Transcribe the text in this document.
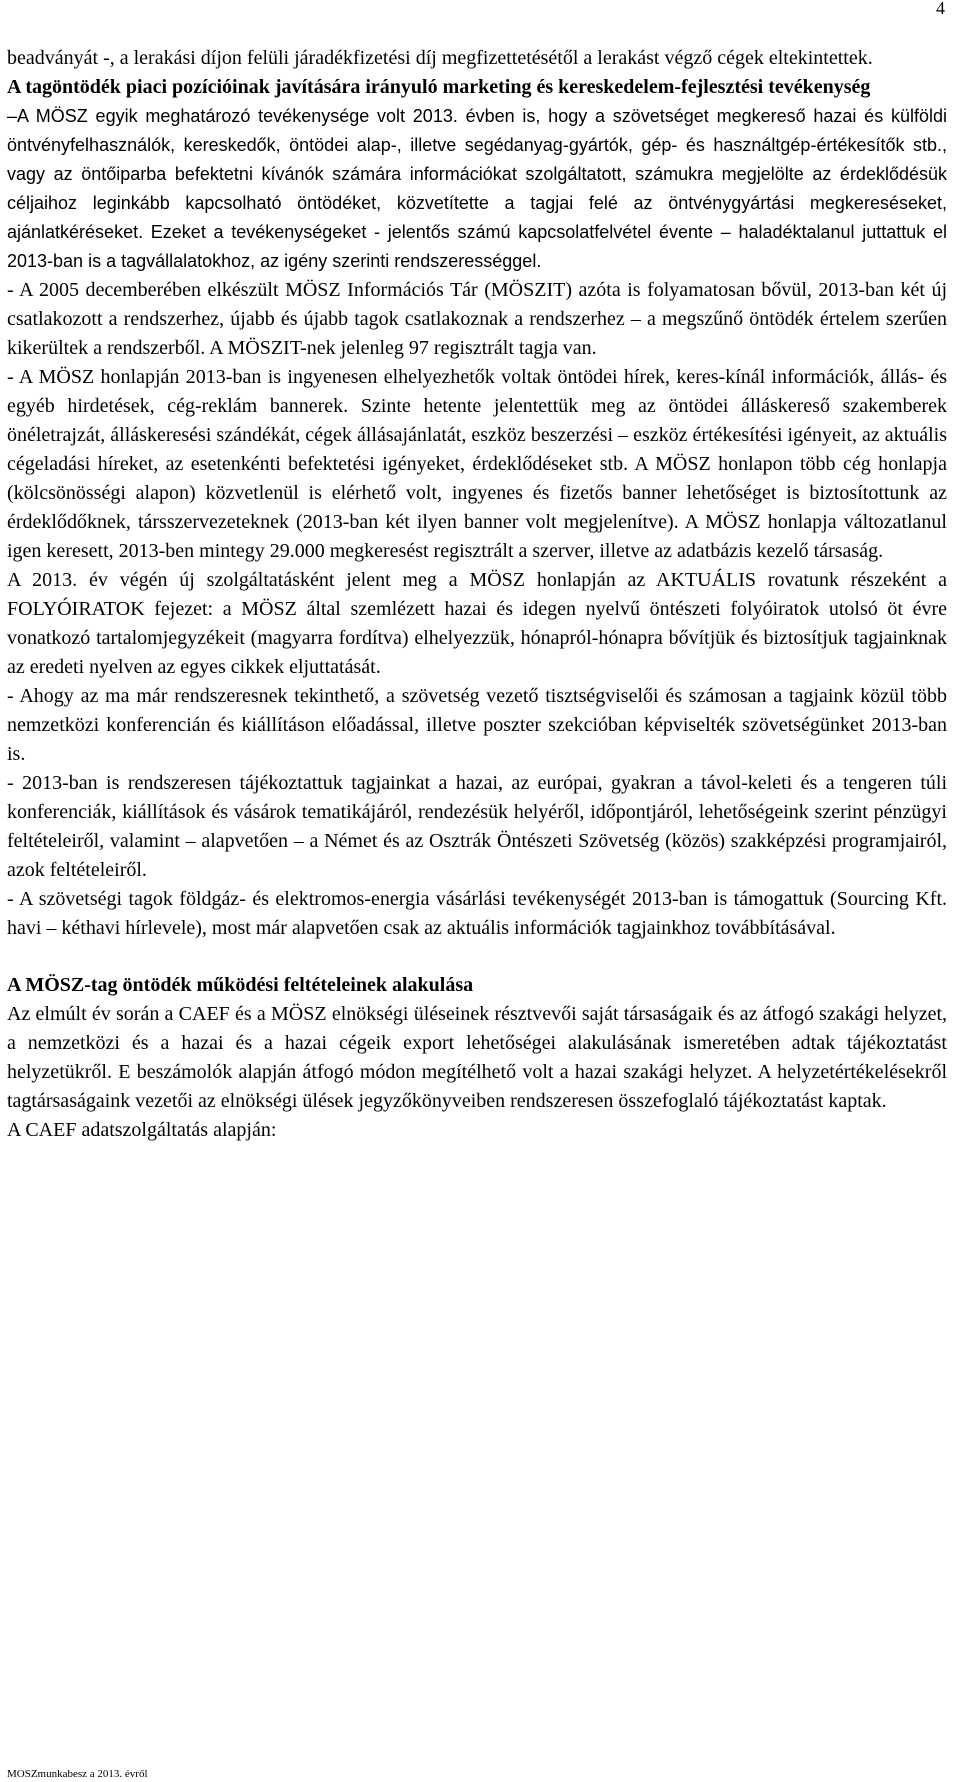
4

beadványát -, a lerakási díjon felüli járadékfizetési díj megfizettetésétől a lerakást végző cégek eltekintettek.

A tagöntödék piaci pozícióinak javítására irányuló marketing és kereskedelem-fejlesztési tevékenység

–A MÖSZ egyik meghatározó tevékenysége volt 2013. évben is, hogy a szövetséget megkereső hazai és külföldi öntvényfelhasználók, kereskedők, öntödei alap-, illetve segédanyag-gyártók, gép- és használtgép-értékesítők stb., vagy az öntőiparba befektetni kívánók számára információkat szolgáltatott, számukra megjelölte az érdeklődésük céljaihoz leginkább kapcsolható öntödéket, közvetítette a tagjai felé az öntvénygyártási megkereséseket, ajánlatkéréseket. Ezeket a tevékenységeket - jelentős számú kapcsolatfelvétel évente – haladéktalanul juttattuk el 2013-ban is a tagvállalatokhoz, az igény szerinti rendszerességgel.

- A 2005 decemberében elkészült MÖSZ Információs Tár (MÖSZIT) azóta is folyamatosan bővül, 2013-ban két új csatlakozott a rendszerhez, újabb és újabb tagok csatlakoznak a rendszerhez – a megszűnő öntödék értelem szerűen kikerültek a rendszerből. A MÖSZIT-nek jelenleg 97 regisztrált tagja van.

- A MÖSZ honlapján 2013-ban is ingyenesen elhelyezhetők voltak öntödei hírek, keres-kínál információk, állás- és egyéb hirdetések, cég-reklám bannerek. Szinte hetente jelentettük meg az öntödei álláskereső szakemberek önéletrajzát, álláskeresési szándékát, cégek állásajánlatát, eszköz beszerzési – eszköz értékesítési igényeit, az aktuális cégeladási híreket, az esetenkénti befektetési igényeket, érdeklődéseket stb. A MÖSZ honlapon több cég honlapja (kölcsönösségi alapon) közvetlenül is elérhető volt, ingyenes és fizetős banner lehetőséget is biztosítottunk az érdeklődőknek, társszervezeteknek (2013-ban két ilyen banner volt megjelenítve). A MÖSZ honlapja változatlanul igen keresett, 2013-ben mintegy 29.000 megkeresést regisztrált a szerver, illetve az adatbázis kezelő társaság.

A 2013. év végén új szolgáltatásként jelent meg a MÖSZ honlapján az AKTUÁLIS rovatunk részeként a FOLYÓIRATOK fejezet: a MÖSZ által szemlézett hazai és idegen nyelvű öntészeti folyóiratok utolsó öt évre vonatkozó tartalomjegyzékeit (magyarra fordítva) elhelyezzük, hónapról-hónapra bővítjük és biztosítjuk tagjainknak az eredeti nyelven az egyes cikkek eljuttatását.

- Ahogy az ma már rendszeresnek tekinthető, a szövetség vezető tisztségviselői és számosan a tagjaink közül több nemzetközi konferencián és kiállításon előadással, illetve poszter szekcióban képviselték szövetségünket 2013-ban is.

- 2013-ban is rendszeresen tájékoztattuk tagjainkat a hazai, az európai, gyakran a távol-keleti és a tengeren túli konferenciák, kiállítások és vásárok tematikájáról, rendezésük helyéről, időpontjáról, lehetőségeink szerint pénzügyi feltételeiről, valamint – alapvetően – a Német és az Osztrák Öntészeti Szövetség (közös) szakképzési programjairól, azok feltételeiről.

- A szövetségi tagok földgáz- és elektromos-energia vásárlási tevékenységét 2013-ban is támogattuk (Sourcing Kft. havi – kéthavi hírlevele), most már alapvetően csak az aktuális információk tagjainkhoz továbbításával.

A MÖSZ-tag öntödék működési feltételeinek alakulása

Az elmúlt év során a CAEF és a MÖSZ elnökségi üléseinek résztvevői saját társaságaik és az átfogó szakági helyzet, a nemzetközi és a hazai és a hazai cégeik export lehetőségei alakulásának ismeretében adtak tájékoztatást helyzetükről. E beszámolók alapján átfogó módon megítélhető volt a hazai szakági helyzet. A helyzetértékelésekről tagtársaságaink vezetői az elnökségi ülések jegyzőkönyveiben rendszeresen összefoglaló tájékoztatást kaptak.

A CAEF adatszolgáltatás alapján:

MOSZmunkabesz a 2013. évről
